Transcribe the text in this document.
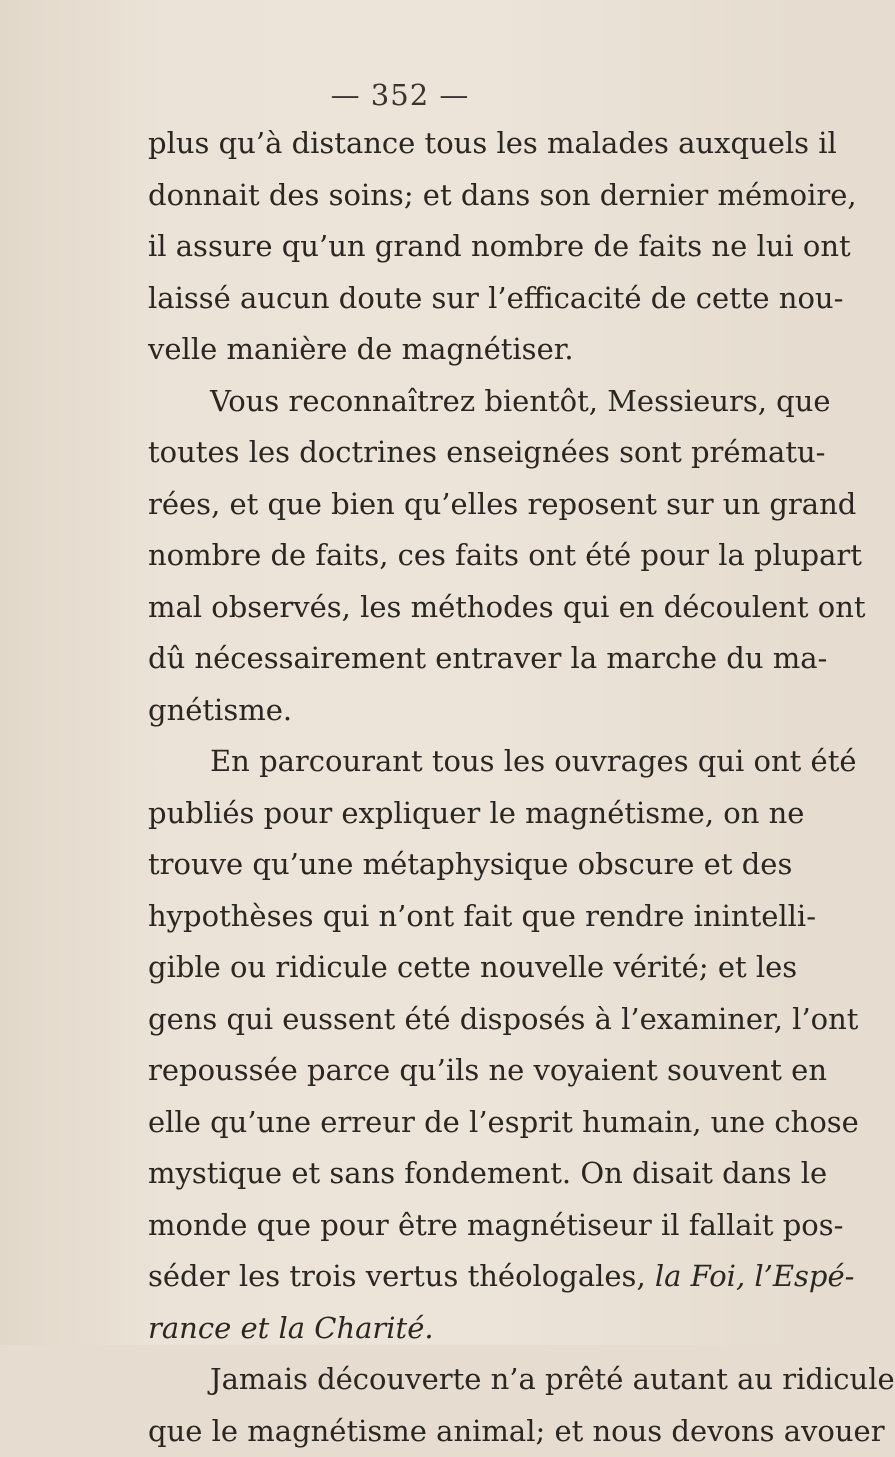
— 352 —
plus qu’à distance tous les malades auxquels il
donnait des soins; et dans son dernier mémoire,
il assure qu’un grand nombre de faits ne lui ont
laissé aucun doute sur l’efficacité de cette nou-
velle manière de magnétiser.
Vous reconnaîtrez bientôt, Messieurs, que
toutes les doctrines enseignées sont prématu-
rées, et que bien qu’elles reposent sur un grand
nombre de faits, ces faits ont été pour la plupart
mal observés, les méthodes qui en découlent ont
dû nécessairement entraver la marche du ma-
gnétisme.
En parcourant tous les ouvrages qui ont été
publiés pour expliquer le magnétisme, on ne
trouve qu’une métaphysique obscure et des
hypothèses qui n’ont fait que rendre inintelli-
gible ou ridicule cette nouvelle vérité; et les
gens qui eussent été disposés à l’examiner, l’ont
repoussée parce qu’ils ne voyaient souvent en
elle qu’une erreur de l’esprit humain, une chose
mystique et sans fondement. On disait dans le
monde que pour être magnétiseur il fallait pos-
séder les trois vertus théologales, la Foi, l’Espé-
rance et la Charité.
Jamais découverte n’a prêté autant au ridicule
que le magnétisme animal; et nous devons avouer
